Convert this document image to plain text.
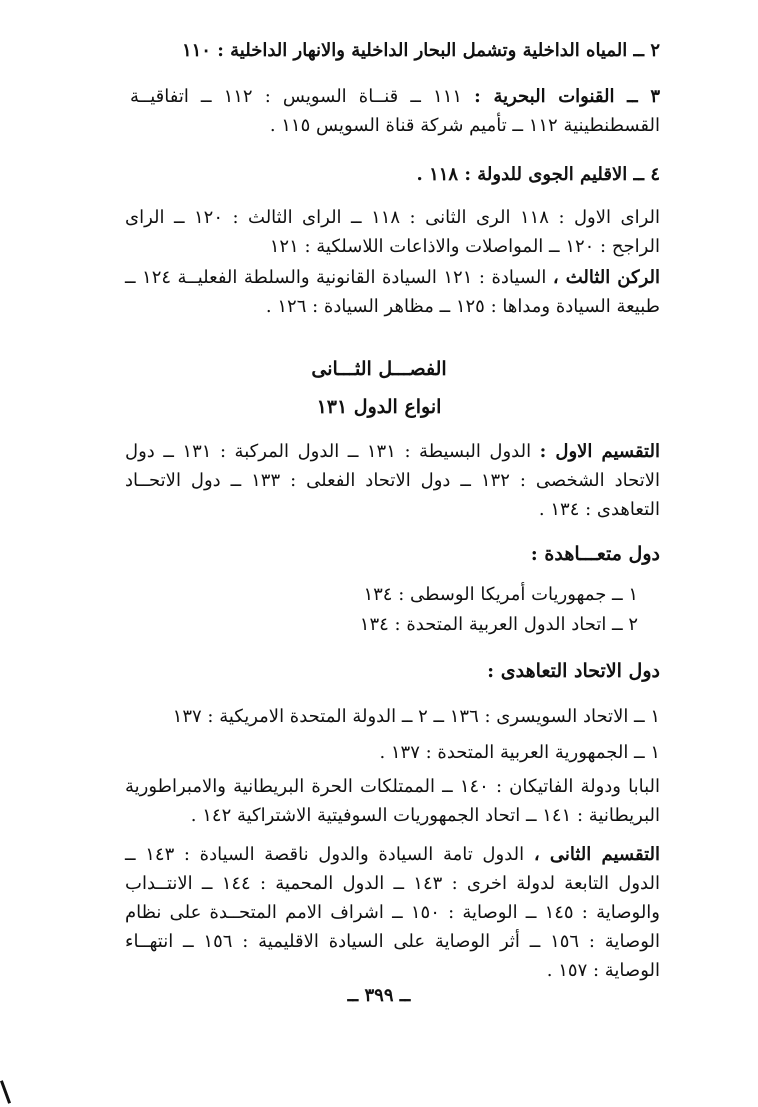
٢ ــ المياه الداخلية وتشمل البحار الداخلية والانهار الداخلية : ١١٠
٣ ــ القنوات البحرية : ١١١ ــ قنــاة السويس : ١١٢ ــ اتفاقيــة القسطنطينية ١١٢ ــ تأميم شركة قناة السويس ١١٥ .
٤ ــ الاقليم الجوى للدولة : ١١٨ .
الراى الاول : ١١٨ الرى الثانى : ١١٨ ــ الراى الثالث : ١٢٠ ــ الراى الراجح : ١٢٠ ــ المواصلات والاذاعات اللاسلكية : ١٢١
الركن الثالث ، السيادة : ١٢١ السيادة القانونية والسلطة الفعليــة ١٢٤ ــ طبيعة السيادة ومداها : ١٢٥ ــ مظاهر السيادة : ١٢٦ .
الفصـــل الثـــانى
انواع الدول ١٣١
التقسيم الاول : الدول البسيطة : ١٣١ ــ الدول المركبة : ١٣١ ــ دول الاتحاد الشخصى : ١٣٢ ــ دول الاتحاد الفعلى : ١٣٣ ــ دول الاتحــاد التعاهدى : ١٣٤ .
دول متعـــاهدة :
١ ــ جمهوريات أمريكا الوسطى : ١٣٤
٢ ــ اتحاد الدول العربية المتحدة : ١٣٤
دول الاتحاد التعاهدى :
١ ــ الاتحاد السويسرى : ١٣٦ ــ ٢ ــ الدولة المتحدة الامريكية : ١٣٧
١ ــ الجمهورية العربية المتحدة : ١٣٧ .
البابا ودولة الفاتيكان : ١٤٠ ــ الممتلكات الحرة البريطانية والامبراطورية البريطانية : ١٤١ ــ اتحاد الجمهوريات السوفيتية الاشتراكية ١٤٢ .
التقسيم الثانى ، الدول تامة السيادة والدول ناقصة السيادة : ١٤٣ ــ الدول التابعة لدولة اخرى : ١٤٣ ــ الدول المحمية : ١٤٤ ــ الانتــداب والوصاية : ١٤٥ ــ الوصاية : ١٥٠ ــ اشراف الامم المتحــدة على نظام الوصاية : ١٥٦ ــ أثر الوصاية على السيادة الاقليمية : ١٥٦ ــ انتهــاء الوصاية : ١٥٧ .
ــ ٣٩٩ ــ
